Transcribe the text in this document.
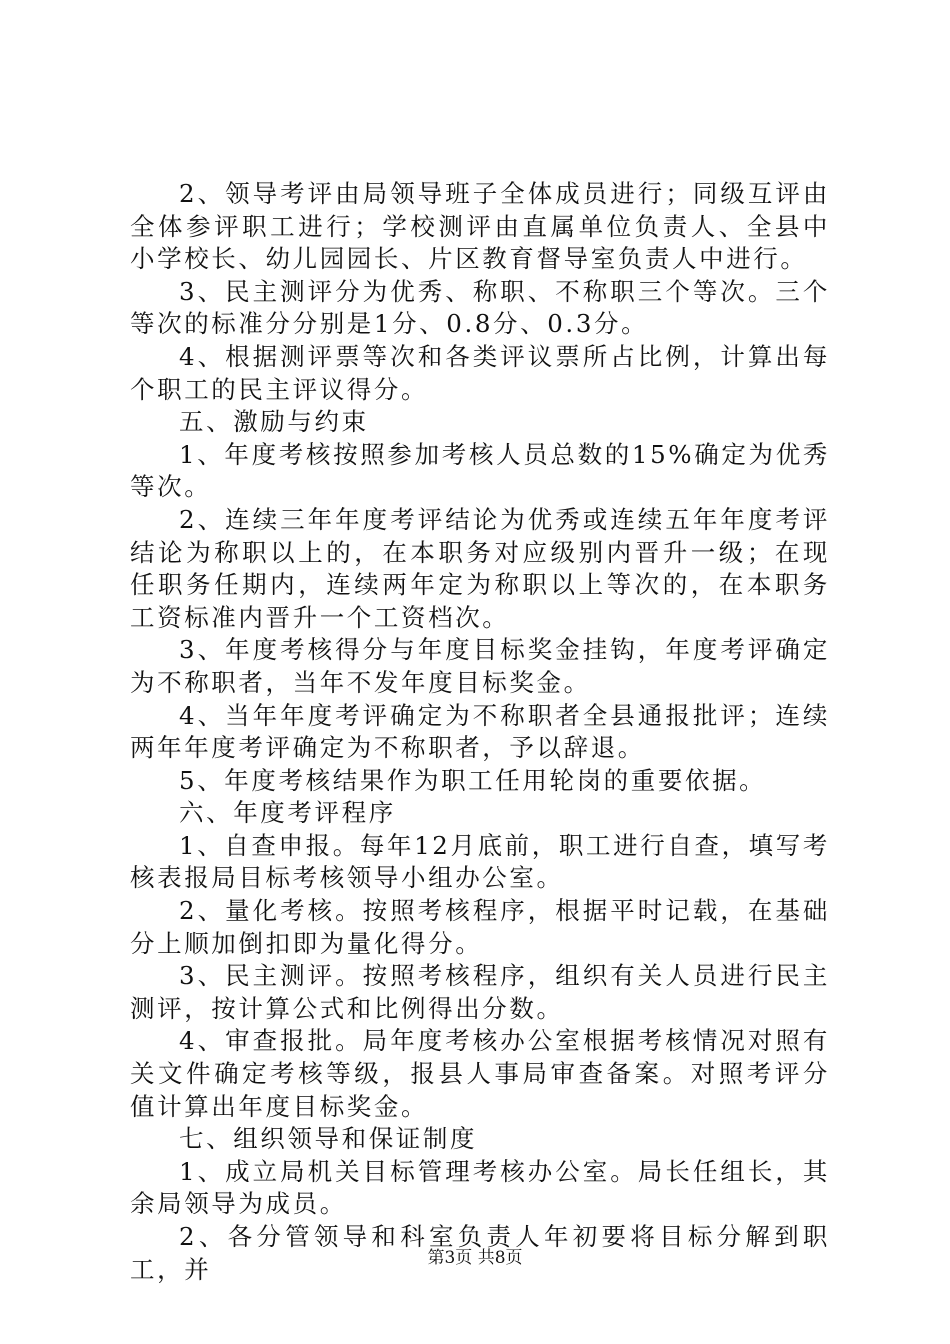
2、领导考评由局领导班子全体成员进行；同级互评由全体参评职工进行；学校测评由直属单位负责人、全县中小学校长、幼儿园园长、片区教育督导室负责人中进行。

3、民主测评分为优秀、称职、不称职三个等次。三个等次的标准分分别是1分、0.8分、0.3分。

4、根据测评票等次和各类评议票所占比例，计算出每个职工的民主评议得分。

五、激励与约束

1、年度考核按照参加考核人员总数的15%确定为优秀等次。

2、连续三年年度考评结论为优秀或连续五年年度考评结论为称职以上的，在本职务对应级别内晋升一级；在现任职务任期内，连续两年定为称职以上等次的，在本职务工资标准内晋升一个工资档次。

3、年度考核得分与年度目标奖金挂钩，年度考评确定为不称职者，当年不发年度目标奖金。

4、当年年度考评确定为不称职者全县通报批评；连续两年年度考评确定为不称职者，予以辞退。

5、年度考核结果作为职工任用轮岗的重要依据。

六、年度考评程序

1、自查申报。每年12月底前，职工进行自查，填写考核表报局目标考核领导小组办公室。

2、量化考核。按照考核程序，根据平时记载，在基础分上顺加倒扣即为量化得分。

3、民主测评。按照考核程序，组织有关人员进行民主测评，按计算公式和比例得出分数。

4、审查报批。局年度考核办公室根据考核情况对照有关文件确定考核等级，报县人事局审查备案。对照考评分值计算出年度目标奖金。

七、组织领导和保证制度

1、成立局机关目标管理考核办公室。局长任组长，其余局领导为成员。

2、各分管领导和科室负责人年初要将目标分解到职工，并	第3页 共8页
